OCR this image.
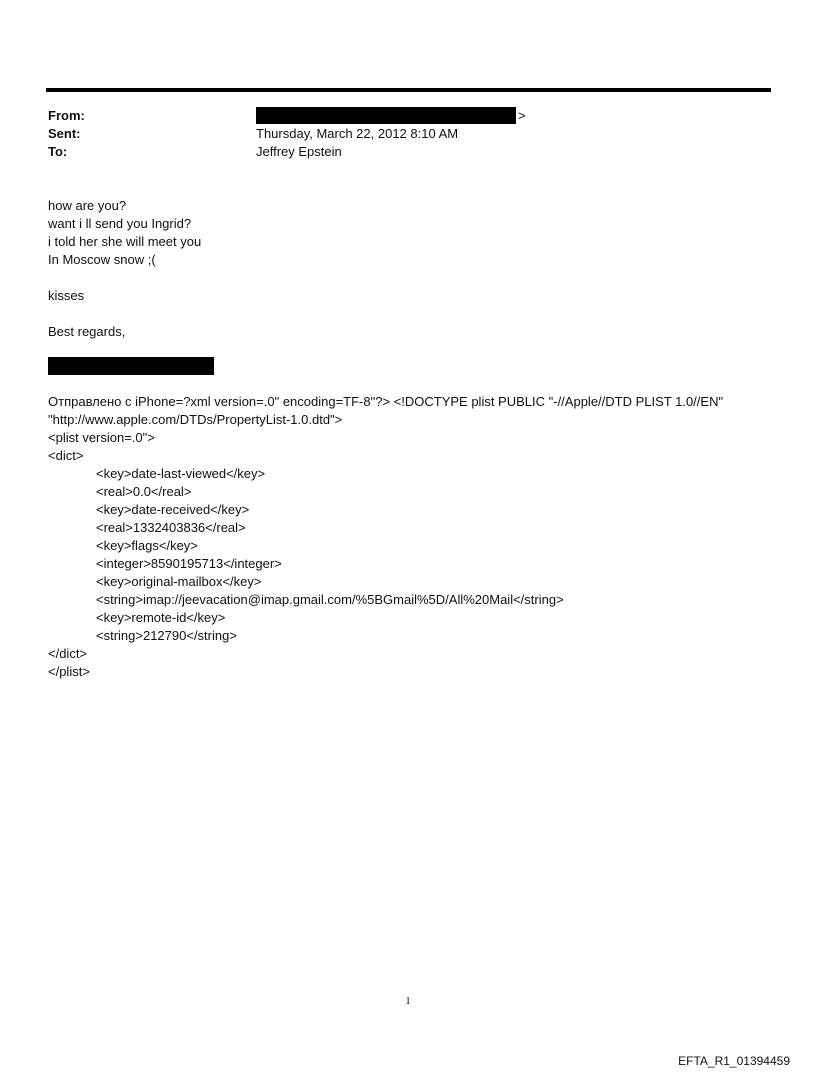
From:	>
Sent:	Thursday, March 22, 2012 8:10 AM
To:	Jeffrey Epstein
how are you?
want i ll send you Ingrid?
i told her she will meet you
In Moscow snow ;(
kisses
Best regards,
Отправлено с iPhone=?xml version=.0" encoding=TF-8"?> <!DOCTYPE plist PUBLIC "-//Apple//DTD PLIST 1.0//EN"
"http://www.apple.com/DTDs/PropertyList-1.0.dtd">
<plist version=.0">
<dict>
<key>date-last-viewed</key>
<real>0.0</real>
<key>date-received</key>
<real>1332403836</real>
<key>flags</key>
<integer>8590195713</integer>
<key>original-mailbox</key>
<string>imap://jeevacation@imap.gmail.com/%5BGmail%5D/All%20Mail</string>
<key>remote-id</key>
<string>212790</string>
</dict>
</plist>
1
EFTA_R1_01394459
